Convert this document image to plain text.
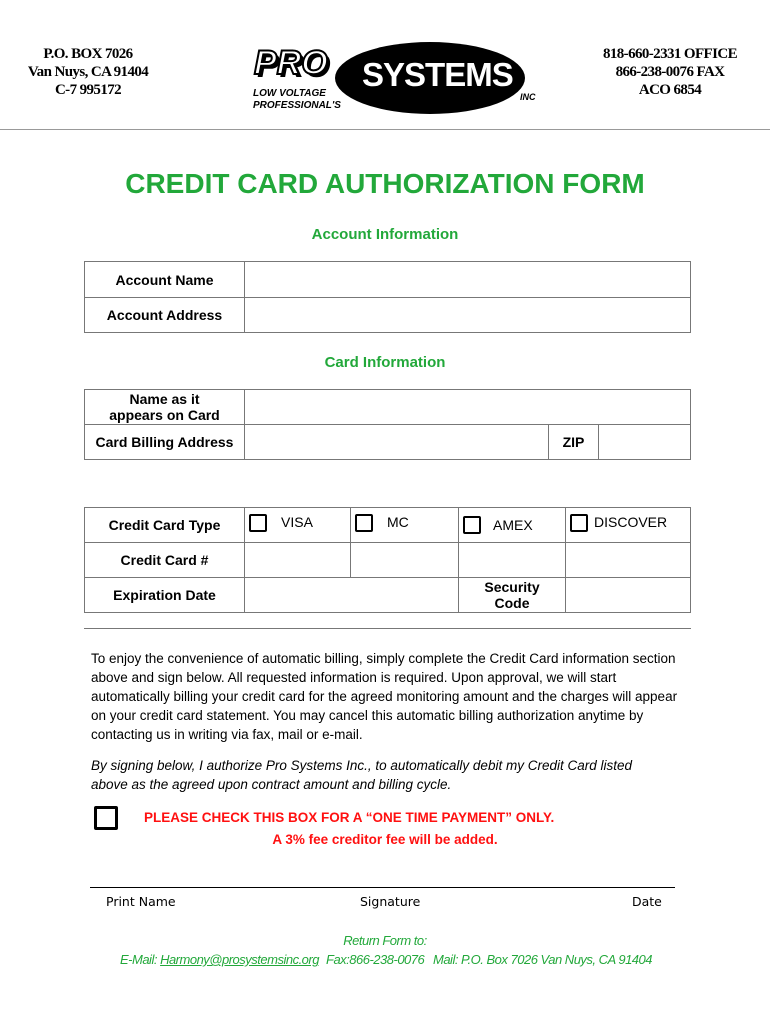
P.O. BOX 7026
Van Nuys, CA 91404
C-7 995172
818-660-2331 OFFICE
866-238-0076 FAX
ACO 6854
PRO SYSTEMS
LOW VOLTAGE
PROFESSIONAL'S
INC
CREDIT CARD AUTHORIZATION FORM
Account Information
Account Name
Account Address
Card Information
Name as it appears on Card
Card Billing Address	ZIP
Credit Card Type	VISA	MC	AMEX	DISCOVER
Credit Card #
Expiration Date	Security Code
To enjoy the convenience of automatic billing, simply complete the Credit Card information section above and sign below. All requested information is required. Upon approval, we will start automatically billing your credit card for the agreed monitoring amount and the charges will appear on your credit card statement. You may cancel this automatic billing authorization anytime by contacting us in writing via fax, mail or e-mail.
By signing below, I authorize Pro Systems Inc., to automatically debit my Credit Card listed above as the agreed upon contract amount and billing cycle.
PLEASE CHECK THIS BOX FOR A “ONE TIME PAYMENT” ONLY.
A 3% fee creditor fee will be added.
Print Name	Signature	Date
Return Form to:
E-Mail: Harmony@prosystemsinc.org Fax:866-238-0076 Mail: P.O. Box 7026 Van Nuys, CA 91404
